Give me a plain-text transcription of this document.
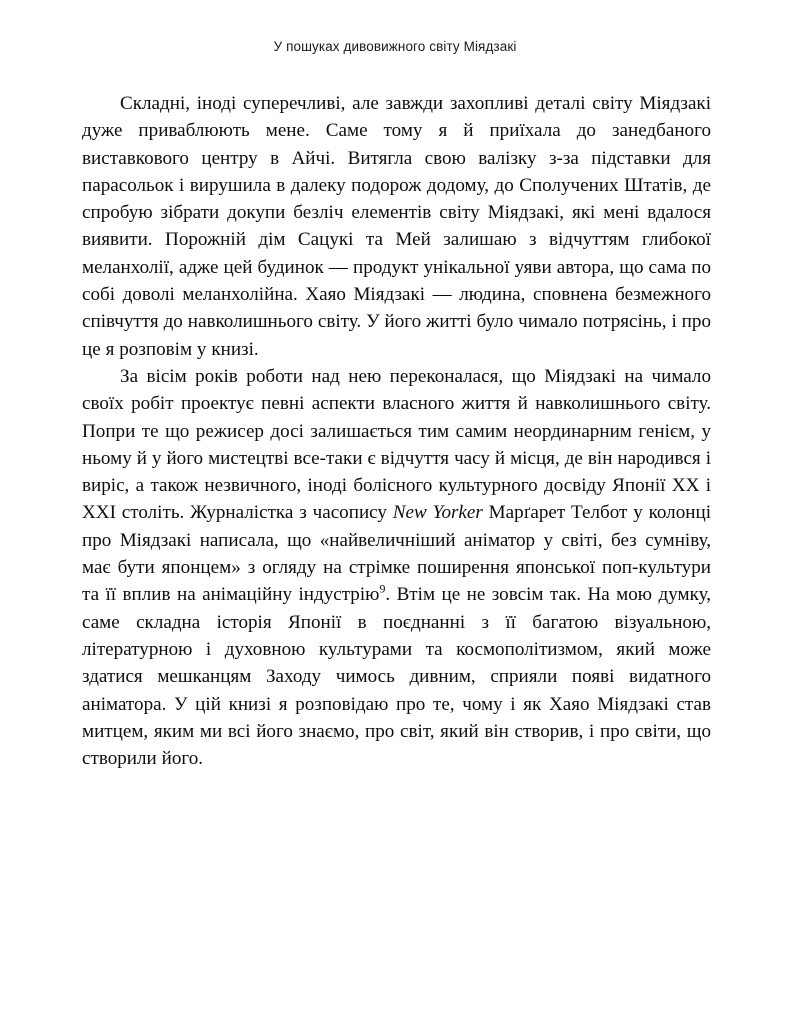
У пошуках дивовижного світу Міядзакі

Складні, іноді суперечливі, але завжди захопливі деталі світу Міядзакі дуже приваблюють мене. Саме тому я й приїхала до занедбаного виставкового центру в Айчі. Витягла свою валізку з-за підставки для парасольок і вирушила в далеку подорож додому, до Сполучених Штатів, де спробую зібрати докупи безліч елементів світу Міядзакі, які мені вдалося виявити. Порожній дім Сацукі та Мей залишаю з відчуттям глибокої меланхолії, адже цей будинок — продукт унікальної уяви автора, що сама по собі доволі меланхолійна. Хаяо Міядзакі — людина, сповнена безмежного співчуття до навколишнього світу. У його житті було чимало потрясінь, і про це я розповім у книзі.

За вісім років роботи над нею переконалася, що Міядзакі на чимало своїх робіт проектує певні аспекти власного життя й навколишнього світу. Попри те що режисер досі залишається тим самим неординарним генієм, у ньому й у його мистецтві все-таки є відчуття часу й місця, де він народився і виріс, а також незвичного, іноді болісного культурного досвіду Японії XX і XXI століть. Журналістка з часопису New Yorker Марґарет Телбот у колонці про Міядзакі написала, що «найвеличніший аніматор у світі, без сумніву, має бути японцем» з огляду на стрімке поширення японської поп-культури та її вплив на анімаційну індустрію$^9$. Втім це не зовсім так. На мою думку, саме складна історія Японії в поєднанні з її багатою візуальною, літературною і духовною культурами та космополітизмом, який може здатися мешканцям Заходу чимось дивним, сприяли появі видатного аніматора. У цій книзі я розповідаю про те, чому і як Хаяо Міядзакі став митцем, яким ми всі його знаємо, про світ, який він створив, і про світи, що створили його.
